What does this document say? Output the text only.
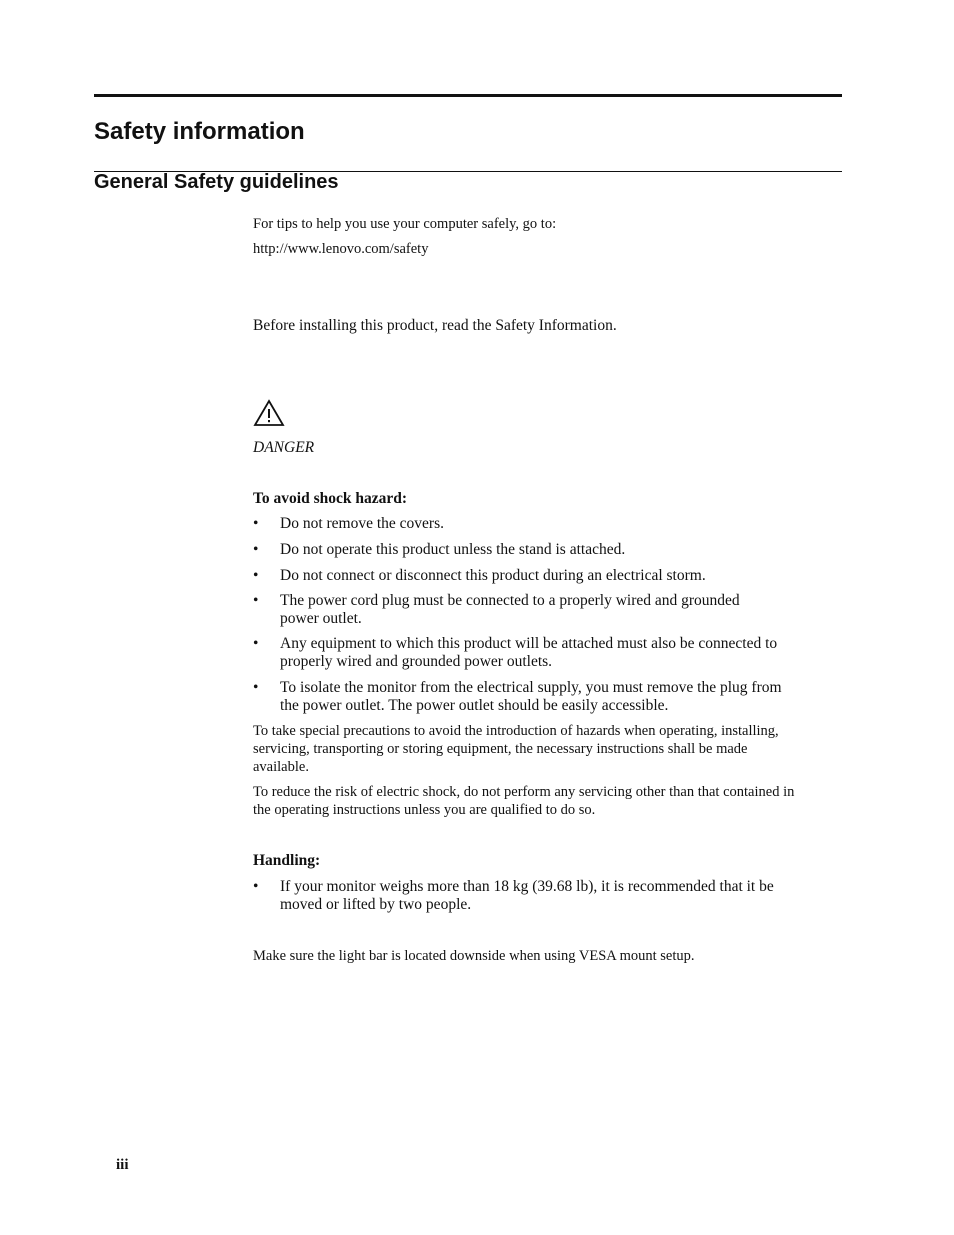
Safety information
General Safety guidelines
For tips to help you use your computer safely, go to:
http://www.lenovo.com/safety
Before installing this product, read the Safety Information.
DANGER
To avoid shock hazard:
•	Do not remove the covers.
•	Do not operate this product unless the stand is attached.
•	Do not connect or disconnect this product during an electrical storm.
•	The power cord plug must be connected to a properly wired and grounded
power outlet.
•	Any equipment to which this product will be attached must also be connected to
properly wired and grounded power outlets.
•	To isolate the monitor from the electrical supply, you must remove the plug from
the power outlet. The power outlet should be easily accessible.
To take special precautions to avoid the introduction of hazards when operating, installing,
servicing, transporting or storing equipment, the necessary instructions shall be made
available.
To reduce the risk of electric shock, do not perform any servicing other than that contained in
the operating instructions unless you are qualified to do so.
Handling:
•	If your monitor weighs more than 18 kg (39.68 lb), it is recommended that it be
moved or lifted by two people.
Make sure the light bar is located downside when using VESA mount setup.
iii
